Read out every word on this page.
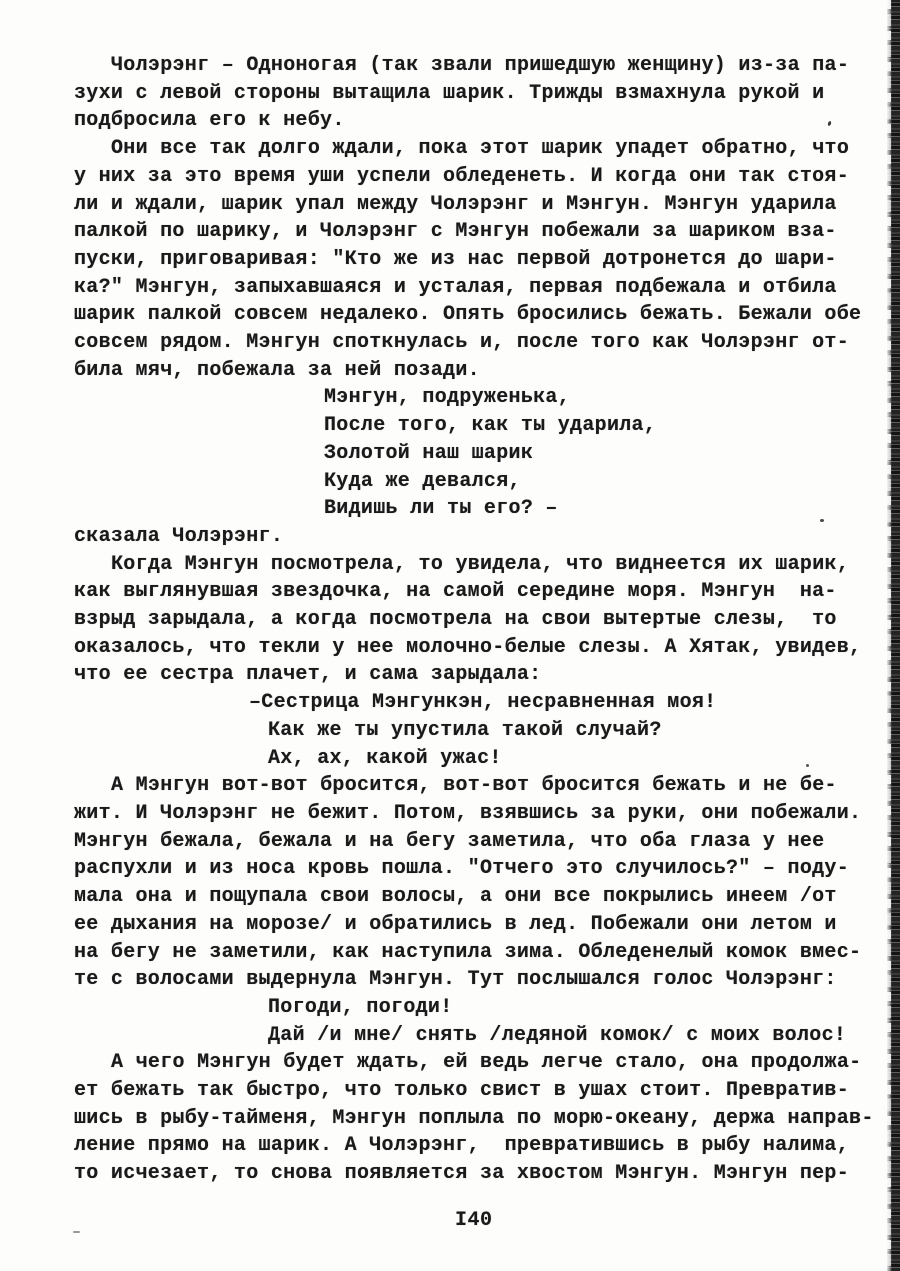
Чолэрэнг – Одноногая (так звали пришедшую женщину) из-за па-
зухи с левой стороны вытащила шарик. Трижды взмахнула рукой и
подбросила его к небу.
Они все так долго ждали, пока этот шарик упадет обратно, что
у них за это время уши успели обледенеть. И когда они так стоя-
ли и ждали, шарик упал между Чолэрэнг и Мэнгун. Мэнгун ударила
палкой по шарику, и Чолэрэнг с Мэнгун побежали за шариком вза-
пуски, приговаривая: "Кто же из нас первой дотронется до шари-
ка?" Мэнгун, запыхавшаяся и усталая, первая подбежала и отбила
шарик палкой совсем недалеко. Опять бросились бежать. Бежали обе
совсем рядом. Мэнгун споткнулась и, после того как Чолэрэнг от-
била мяч, побежала за ней позади.
Мэнгун, подруженька,
После того, как ты ударила,
Золотой наш шарик
Куда же девался,
Видишь ли ты его? –
сказала Чолэрэнг.
Когда Мэнгун посмотрела, то увидела, что виднеется их шарик,
как выглянувшая звездочка, на самой середине моря. Мэнгун  на-
взрыд зарыдала, а когда посмотрела на свои вытертые слезы,  то
оказалось, что текли у нее молочно-белые слезы. А Хятак, увидев,
что ее сестра плачет, и сама зарыдала:
–Сестрица Мэнгункэн, несравненная моя!
Как же ты упустила такой случай?
Ах, ах, какой ужас!
А Мэнгун вот-вот бросится, вот-вот бросится бежать и не бе-
жит. И Чолэрэнг не бежит. Потом, взявшись за руки, они побежали.
Мэнгун бежала, бежала и на бегу заметила, что оба глаза у нее
распухли и из носа кровь пошла. "Отчего это случилось?" – поду-
мала она и пощупала свои волосы, а они все покрылись инеем /от
ее дыхания на морозе/ и обратились в лед. Побежали они летом и
на бегу не заметили, как наступила зима. Обледенелый комок вмес-
те с волосами выдернула Мэнгун. Тут послышался голос Чолэрэнг:
Погоди, погоди!
Дай /и мне/ снять /ледяной комок/ с моих волос!
А чего Мэнгун будет ждать, ей ведь легче стало, она продолжа-
ет бежать так быстро, что только свист в ушах стоит. Превратив-
шись в рыбу-тайменя, Мэнгун поплыла по морю-океану, держа направ-
ление прямо на шарик. А Чолэрэнг,  превратившись в рыбу налима,
то исчезает, то снова появляется за хвостом Мэнгун. Мэнгун пер-
I40
